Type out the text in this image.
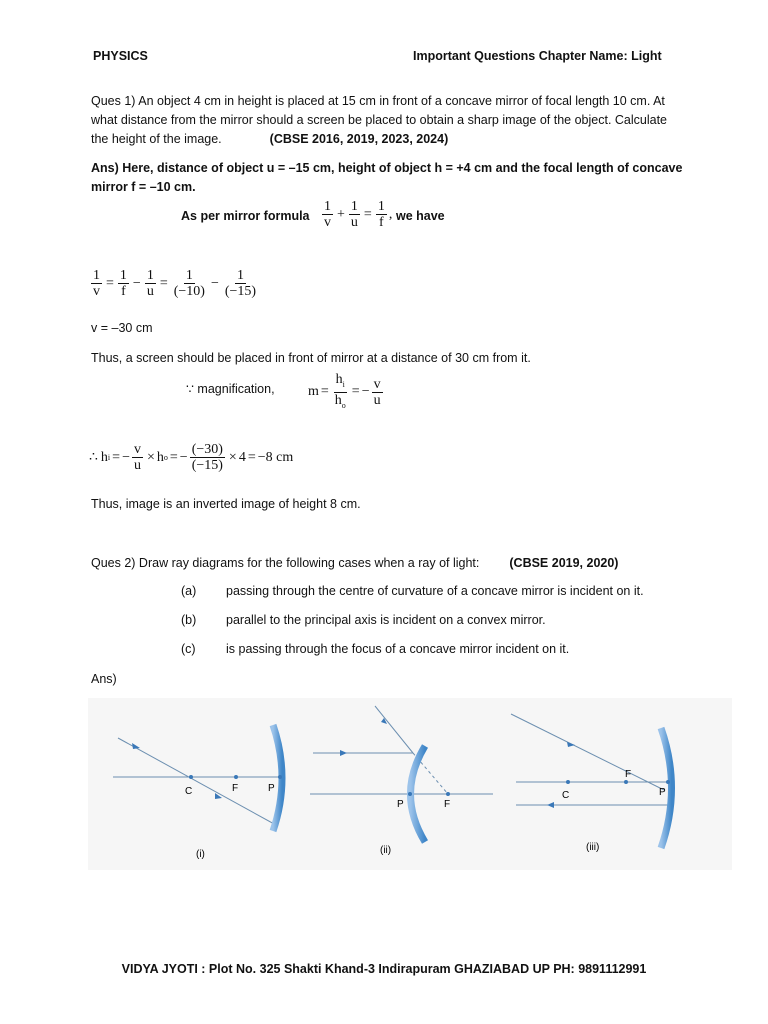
PHYSICS	Important Questions Chapter Name: Light
Ques 1) An object 4 cm in height is placed at 15 cm in front of a concave mirror of focal length 10 cm. At
what distance from the mirror should a screen be placed to obtain a sharp image of the object. Calculate
the height of the image.	(CBSE 2016, 2019, 2023, 2024)
Ans) Here, distance of object u = –15 cm, height of object h = +4 cm and the focal length of concave
mirror f = –10 cm.
As per mirror formula $\frac{1}{v} + \frac{1}{u} = \frac{1}{f}$ , we have
$\frac{1}{v} = \frac{1}{f} - \frac{1}{u} = \frac{1}{(-10)} - \frac{1}{(-15)}$
v = –30 cm
Thus, a screen should be placed in front of mirror at a distance of 30 cm from it.
∵ magnification, $m = \frac{h_i}{h_o}$ = − $\frac{v}{u}$
∴ h i = − $\frac{v}{u} \times h$ o = − $\frac{(-30)}{(-15)} \times 4 = -8$ cm
Thus, image is an inverted image of height 8 cm.
Ques 2) Draw ray diagrams for the following cases when a ray of light: (CBSE 2019, 2020)
(a) passing through the centre of curvature of a concave mirror is incident on it.
(b) parallel to the principal axis is incident on a convex mirror.
(c) is passing through the focus of a concave mirror incident on it.
Ans)
C	F	P
(i)
P	F
(ii)
F
C	P
(iii)
VIDYA JYOTI : Plot No. 325 Shakti Khand-3 Indirapuram GHAZIABAD UP PH: 9891112991
